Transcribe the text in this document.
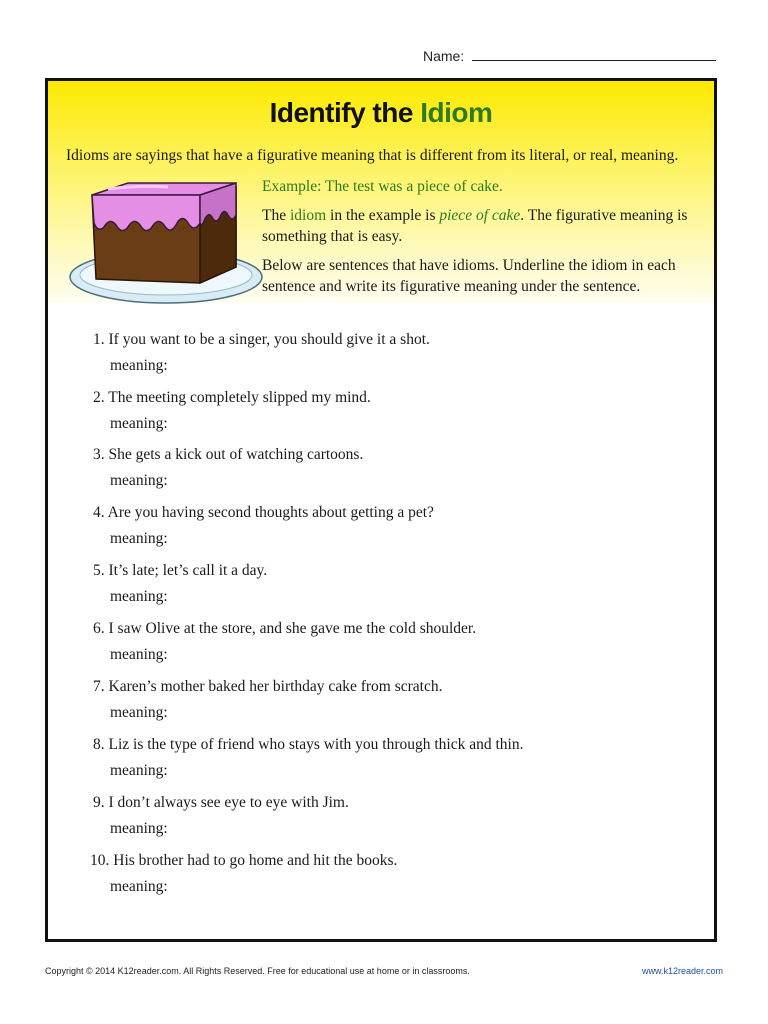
Name:
Identify the Idiom
Idioms are sayings that have a figurative meaning that is different from its literal, or real, meaning.
Example: The test was a piece of cake.
The idiom in the example is piece of cake. The figurative meaning is something that is easy.
Below are sentences that have idioms. Underline the idiom in each sentence and write its figurative meaning under the sentence.
1. If you want to be a singer, you should give it a shot.
meaning:
2. The meeting completely slipped my mind.
meaning:
3. She gets a kick out of watching cartoons.
meaning:
4. Are you having second thoughts about getting a pet?
meaning:
5. It’s late; let’s call it a day.
meaning:
6. I saw Olive at the store, and she gave me the cold shoulder.
meaning:
7. Karen’s mother baked her birthday cake from scratch.
meaning:
8. Liz is the type of friend who stays with you through thick and thin.
meaning:
9. I don’t always see eye to eye with Jim.
meaning:
10. His brother had to go home and hit the books.
meaning:
Copyright © 2014 K12reader.com. All Rights Reserved. Free for educational use at home or in classrooms.	www.k12reader.com
